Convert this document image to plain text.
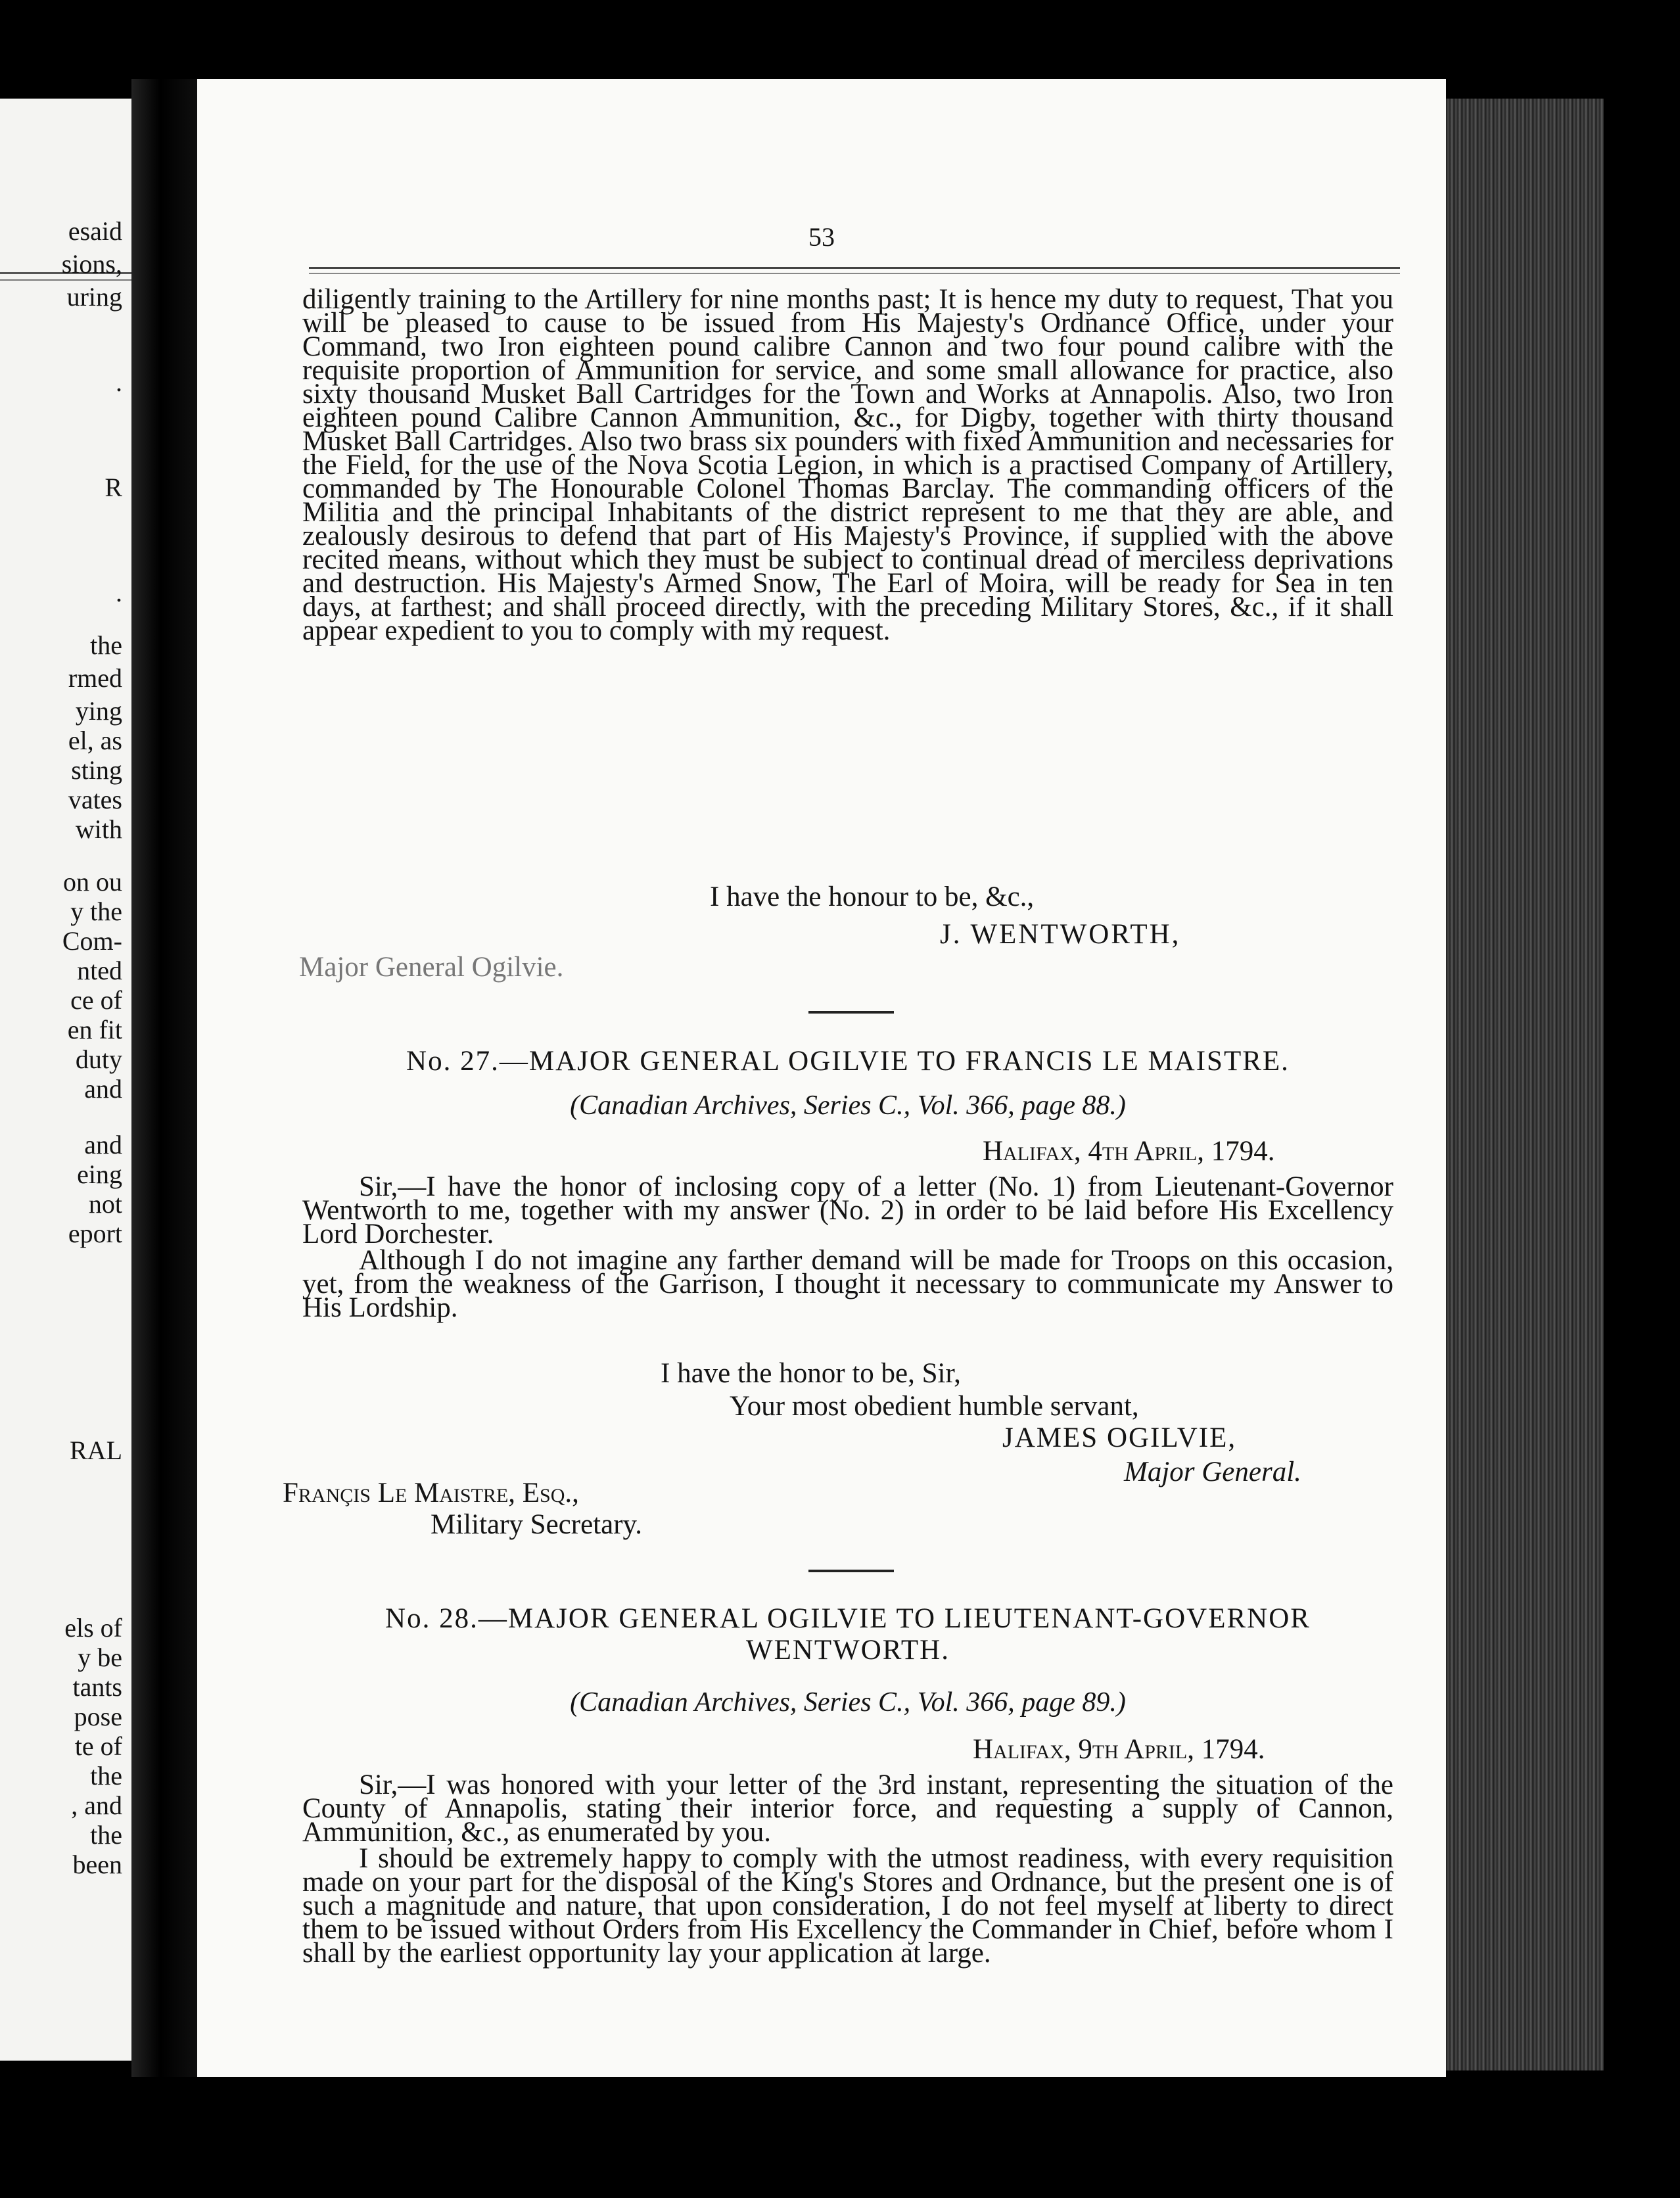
esaid
sions,
uring
.
R
.
the
rmed
ying
el, as
sting
vates
with
on ou
y the
Com-
nted
ce of
en fit
duty
and
and
eing
not
eport
RAL
els of
y be
tants
pose
te of
the
, and
the
been
53

diligently training to the Artillery for nine months past; It is hence my duty to request, That you will be pleased to cause to be issued from His Majesty's Ordnance Office, under your Command, two Iron eighteen pound calibre Cannon and two four pound calibre with the requisite proportion of Ammunition for service, and some small allowance for practice, also sixty thousand Musket Ball Cartridges for the Town and Works at Annapolis. Also, two Iron eighteen pound Calibre Cannon Ammunition, &c., for Digby, together with thirty thousand Musket Ball Cartridges. Also two brass six pounders with fixed Ammunition and necessaries for the Field, for the use of the Nova Scotia Legion, in which is a practised Company of Artillery, commanded by The Honourable Colonel Thomas Barclay. The commanding officers of the Militia and the principal Inhabitants of the district represent to me that they are able, and zealously desirous to defend that part of His Majesty's Province, if supplied with the above recited means, without which they must be subject to continual dread of merciless deprivations and destruction. His Majesty's Armed Snow, The Earl of Moira, will be ready for Sea in ten days, at farthest; and shall proceed directly, with the preceding Military Stores, &c., if it shall appear expedient to you to comply with my request.

I have the honour to be, &c.,
J. WENTWORTH,
Major General Ogilvie.
No. 27.—MAJOR GENERAL OGILVIE TO FRANCIS LE MAISTRE.
(Canadian Archives, Series C., Vol. 366, page 88.)
Halifax, 4th April, 1794.

Sir,—I have the honor of inclosing copy of a letter (No. 1) from Lieutenant-Governor Wentworth to me, together with my answer (No. 2) in order to be laid before His Excellency Lord Dorchester.

Although I do not imagine any farther demand will be made for Troops on this occasion, yet, from the weakness of the Garrison, I thought it necessary to communicate my Answer to His Lordship.

I have the honor to be, Sir,
Your most obedient humble servant,
JAMES OGILVIE,
Major General.
Françis Le Maistre, Esq.,
Military Secretary.
No. 28.—MAJOR GENERAL OGILVIE TO LIEUTENANT-GOVERNOR
WENTWORTH.
(Canadian Archives, Series C., Vol. 366, page 89.)
Halifax, 9th April, 1794.

Sir,—I was honored with your letter of the 3rd instant, representing the situation of the County of Annapolis, stating their interior force, and requesting a supply of Cannon, Ammunition, &c., as enumerated by you.

I should be extremely happy to comply with the utmost readiness, with every requisition made on your part for the disposal of the King's Stores and Ordnance, but the present one is of such a magnitude and nature, that upon consideration, I do not feel myself at liberty to direct them to be issued without Orders from His Excellency the Commander in Chief, before whom I shall by the earliest opportunity lay your application at large.
